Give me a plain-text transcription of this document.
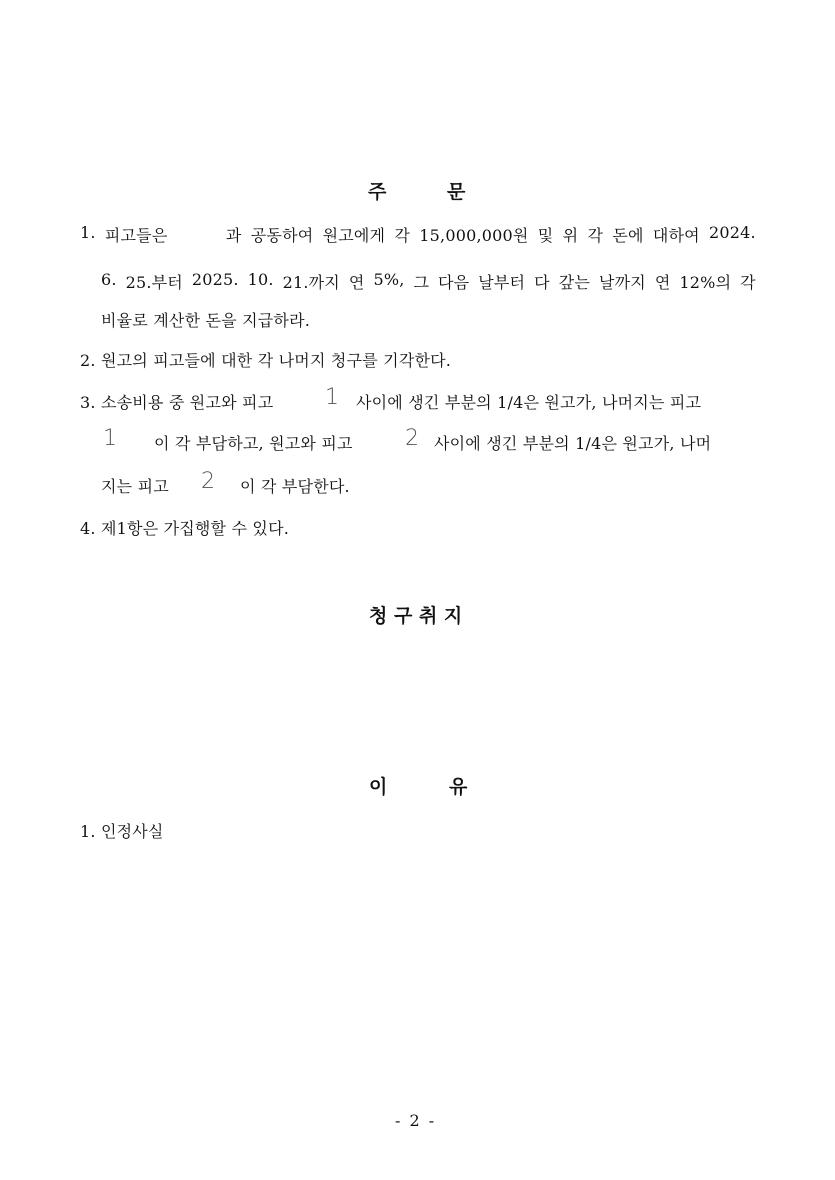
주	문
1. 피고들은	과 공동하여 원고에게 각 15,000,000원 및 위 각 돈에 대하여 2024.
6. 25.부터 2025. 10. 21.까지 연 5%, 그 다음 날부터 다 갚는 날까지 연 12%의 각
비율로 계산한 돈을 지급하라.
2. 원고의 피고들에 대한 각 나머지 청구를 기각한다.
3. 소송비용 중 원고와 피고 1 사이에 생긴 부분의 1/4은 원고가, 나머지는 피고
1 이 각 부담하고, 원고와 피고 2 사이에 생긴 부분의 1/4은 원고가, 나머
지는 피고 2 이 각 부담한다.
4. 제1항은 가집행할 수 있다.
청 구 취 지
이	유
1. 인정사실
- 2 -
